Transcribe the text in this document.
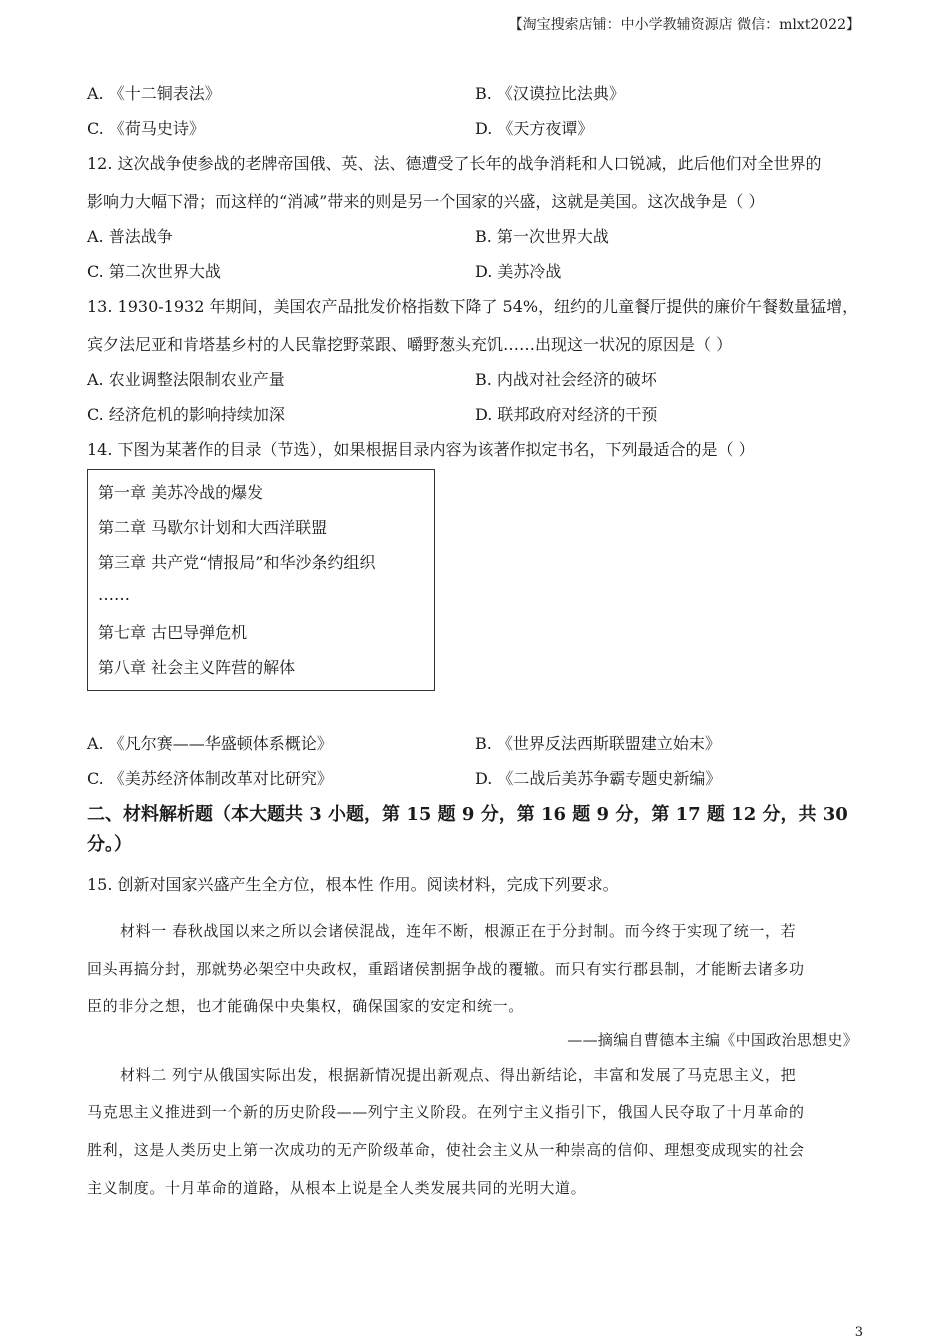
【淘宝搜索店铺：中小学教辅资源店 微信：mlxt2022】
A. 《十二铜表法》	B. 《汉谟拉比法典》
C. 《荷马史诗》	D. 《天方夜谭》
12. 这次战争使参战的老牌帝国俄、英、法、德遭受了长年的战争消耗和人口锐减，此后他们对全世界的
影响力大幅下滑；而这样的“消减”带来的则是另一个国家的兴盛，这就是美国。这次战争是（ ）
A. 普法战争	B. 第一次世界大战
C. 第二次世界大战	D. 美苏冷战
13. 1930-1932 年期间，美国农产品批发价格指数下降了 54%，纽约的儿童餐厅提供的廉价午餐数量猛增，
宾夕法尼亚和肯塔基乡村的人民靠挖野菜跟、嚼野葱头充饥……出现这一状况的原因是（ ）
A. 农业调整法限制农业产量	B. 内战对社会经济的破坏
C. 经济危机的影响持续加深	D. 联邦政府对经济的干预
14. 下图为某著作的目录（节选），如果根据目录内容为该著作拟定书名，下列最适合的是（ ）
第一章 美苏冷战的爆发
第二章 马歇尔计划和大西洋联盟
第三章 共产党“情报局”和华沙条约组织
……
第七章 古巴导弹危机
第八章 社会主义阵营的解体
A. 《凡尔赛——华盛顿体系概论》	B. 《世界反法西斯联盟建立始末》
C. 《美苏经济体制改革对比研究》	D. 《二战后美苏争霸专题史新编》
二、材料解析题（本大题共 3 小题，第 15 题 9 分，第 16 题 9 分，第 17 题 12 分，共 30
分。）
15. 创新对国家兴盛产生全方位，根本性 作用。阅读材料，完成下列要求。
材料一 春秋战国以来之所以会诸侯混战，连年不断，根源正在于分封制。而今终于实现了统一，若
回头再搞分封，那就势必架空中央政权，重蹈诸侯割据争战的覆辙。而只有实行郡县制，才能断去诸多功
臣的非分之想，也才能确保中央集权，确保国家的安定和统一。
——摘编自曹德本主编《中国政治思想史》
材料二 列宁从俄国实际出发，根据新情况提出新观点、得出新结论，丰富和发展了马克思主义，把
马克思主义推进到一个新的历史阶段——列宁主义阶段。在列宁主义指引下，俄国人民夺取了十月革命的
胜利，这是人类历史上第一次成功的无产阶级革命，使社会主义从一种崇高的信仰、理想变成现实的社会
主义制度。十月革命的道路，从根本上说是全人类发展共同的光明大道。
3
